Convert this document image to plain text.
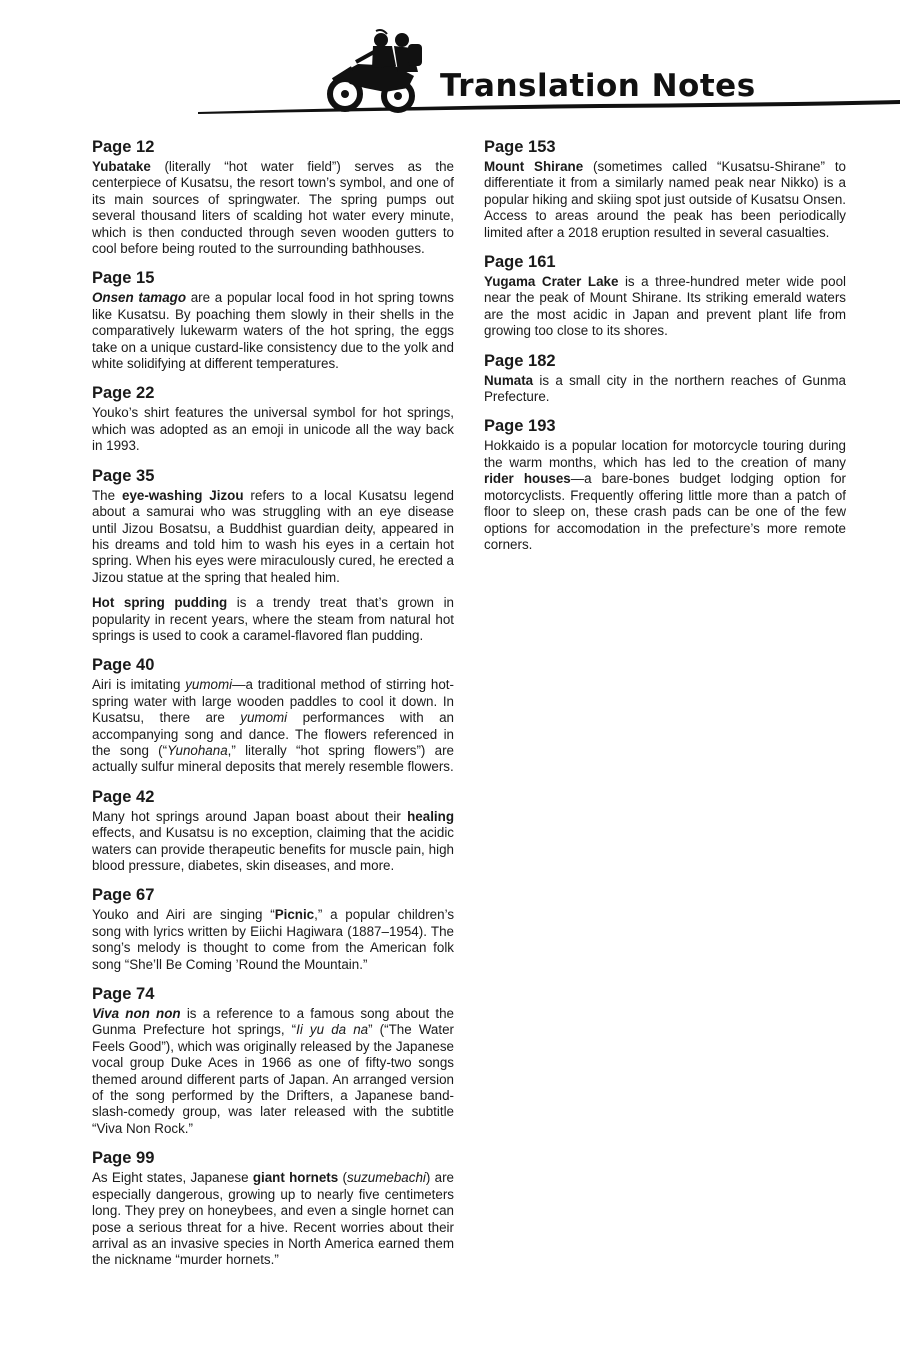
Translation Notes
Page 12

Yubatake (literally “hot water field”) serves as the centerpiece of Kusatsu, the resort town’s symbol, and one of its main sources of springwater. The spring pumps out several thousand liters of scalding hot water every minute, which is then conducted through seven wooden gutters to cool before being routed to the surrounding bathhouses.

Page 15

Onsen tamago are a popular local food in hot spring towns like Kusatsu. By poaching them slowly in their shells in the comparatively lukewarm waters of the hot spring, the eggs take on a unique custard-like consistency due to the yolk and white solidifying at different temperatures.

Page 22

Youko’s shirt features the universal symbol for hot springs, which was adopted as an emoji in unicode all the way back in 1993.

Page 35

The eye-washing Jizou refers to a local Kusatsu legend about a samurai who was struggling with an eye disease until Jizou Bosatsu, a Buddhist guardian deity, appeared in his dreams and told him to wash his eyes in a certain hot spring. When his eyes were miraculously cured, he erected a Jizou statue at the spring that healed him.

Hot spring pudding is a trendy treat that’s grown in popularity in recent years, where the steam from natural hot springs is used to cook a caramel-flavored flan pudding.

Page 40

Airi is imitating yumomi—a traditional method of stirring hot-spring water with large wooden paddles to cool it down. In Kusatsu, there are yumomi performances with an accompanying song and dance. The flowers referenced in the song (“Yunohana,” literally “hot spring flowers”) are actually sulfur mineral deposits that merely resemble flowers.

Page 42

Many hot springs around Japan boast about their healing effects, and Kusatsu is no exception, claiming that the acidic waters can provide therapeutic benefits for muscle pain, high blood pressure, diabetes, skin diseases, and more.

Page 67

Youko and Airi are singing “Picnic,” a popular children’s song with lyrics written by Eiichi Hagiwara (1887–1954). The song’s melody is thought to come from the American folk song “She’ll Be Coming ’Round the Mountain.”

Page 74

Viva non non is a reference to a famous song about the Gunma Prefecture hot springs, “Ii yu da na” (“The Water Feels Good”), which was originally released by the Japanese vocal group Duke Aces in 1966 as one of fifty-two songs themed around different parts of Japan. An arranged version of the song performed by the Drifters, a Japanese band-slash-comedy group, was later released with the subtitle “Viva Non Rock.”

Page 99

As Eight states, Japanese giant hornets (suzumebachi) are especially dangerous, growing up to nearly five centimeters long. They prey on honeybees, and even a single hornet can pose a serious threat for a hive. Recent worries about their arrival as an invasive species in North America earned them the nickname “murder hornets.”

Page 153

Mount Shirane (sometimes called “Kusatsu-Shirane” to differentiate it from a similarly named peak near Nikko) is a popular hiking and skiing spot just outside of Kusatsu Onsen. Access to areas around the peak has been periodically limited after a 2018 eruption resulted in several casualties.

Page 161

Yugama Crater Lake is a three-hundred meter wide pool near the peak of Mount Shirane. Its striking emerald waters are the most acidic in Japan and prevent plant life from growing too close to its shores.

Page 182

Numata is a small city in the northern reaches of Gunma Prefecture.

Page 193

Hokkaido is a popular location for motorcycle touring during the warm months, which has led to the creation of many rider houses—a bare-bones budget lodging option for motorcyclists. Frequently offering little more than a patch of floor to sleep on, these crash pads can be one of the few options for accomodation in the prefecture’s more remote corners.
